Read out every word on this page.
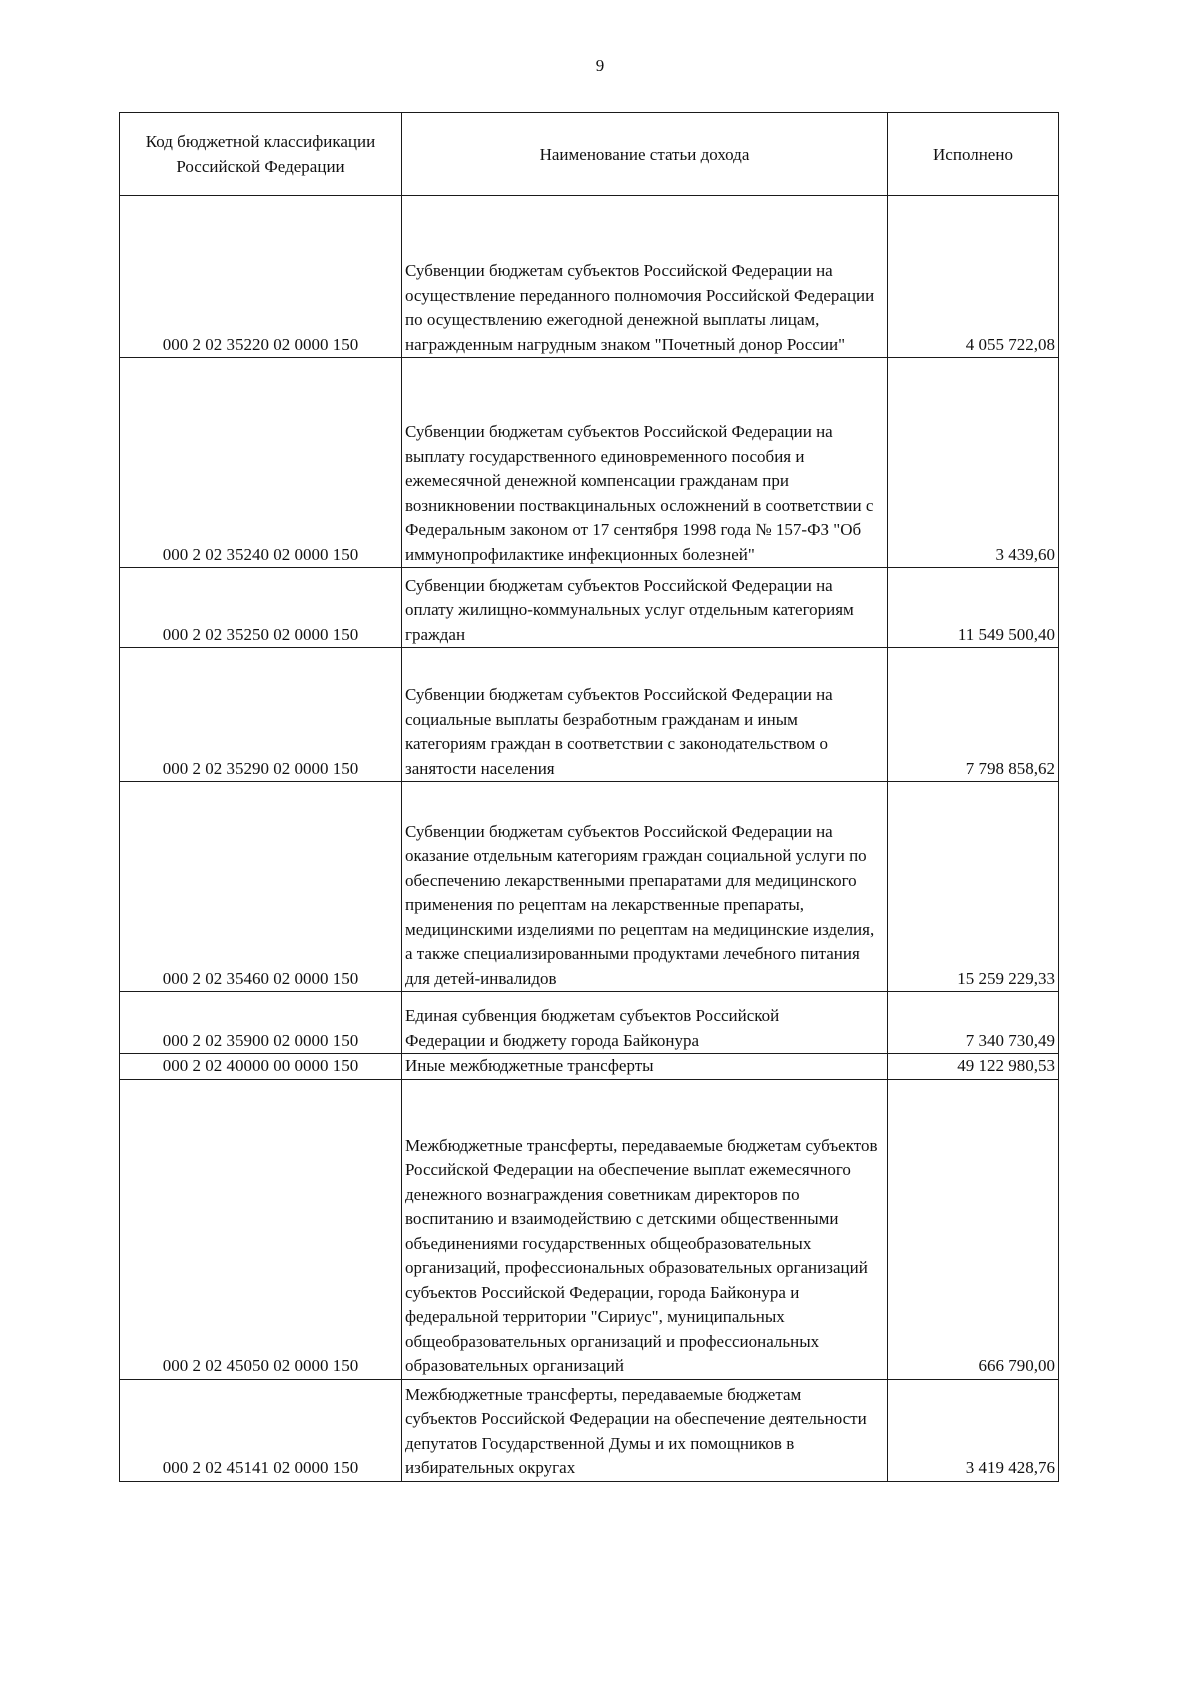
9
Код бюджетной классификации Российской Федерации	Наименование статьи дохода	Исполнено
000 2 02 35220 02 0000 150	Субвенции бюджетам субъектов Российской Федерации на осуществление переданного полномочия Российской Федерации по осуществлению ежегодной денежной выплаты лицам, награжденным нагрудным знаком "Почетный донор России"	4 055 722,08
000 2 02 35240 02 0000 150	Субвенции бюджетам субъектов Российской Федерации на выплату государственного единовременного пособия и ежемесячной денежной компенсации гражданам при возникновении поствакцинальных осложнений в соответствии с Федеральным законом от 17 сентября 1998 года № 157-ФЗ "Об иммунопрофилактике инфекционных болезней"	3 439,60
000 2 02 35250 02 0000 150	Субвенции бюджетам субъектов Российской Федерации на оплату жилищно-коммунальных услуг отдельным категориям граждан	11 549 500,40
000 2 02 35290 02 0000 150	Субвенции бюджетам субъектов Российской Федерации на социальные выплаты безработным гражданам и иным категориям граждан в соответствии с законодательством о занятости населения	7 798 858,62
000 2 02 35460 02 0000 150	Субвенции бюджетам субъектов Российской Федерации на оказание отдельным категориям граждан социальной услуги по обеспечению лекарственными препаратами для медицинского применения по рецептам на лекарственные препараты, медицинскими изделиями по рецептам на медицинские изделия, а также специализированными продуктами лечебного питания для детей-инвалидов	15 259 229,33
000 2 02 35900 02 0000 150	Единая субвенция бюджетам субъектов Российской Федерации и бюджету города Байконура	7 340 730,49
000 2 02 40000 00 0000 150	Иные межбюджетные трансферты	49 122 980,53
000 2 02 45050 02 0000 150	Межбюджетные трансферты, передаваемые бюджетам субъектов Российской Федерации на обеспечение выплат ежемесячного денежного вознаграждения советникам директоров по воспитанию и взаимодействию с детскими общественными объединениями государственных общеобразовательных организаций, профессиональных образовательных организаций субъектов Российской Федерации, города Байконура и федеральной территории "Сириус", муниципальных общеобразовательных организаций и профессиональных образовательных организаций	666 790,00
000 2 02 45141 02 0000 150	Межбюджетные трансферты, передаваемые бюджетам субъектов Российской Федерации на обеспечение деятельности депутатов Государственной Думы и их помощников в избирательных округах	3 419 428,76
